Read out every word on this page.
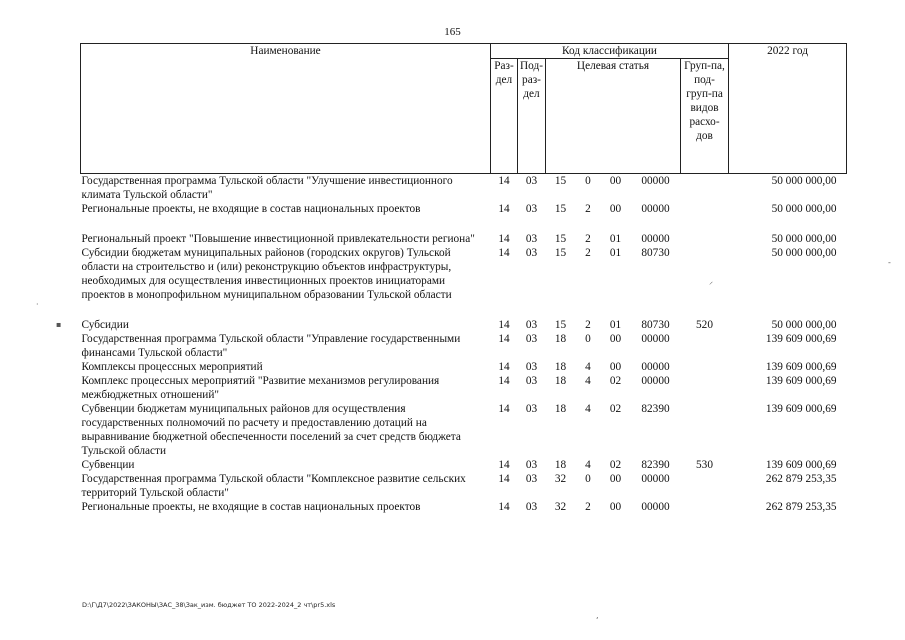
165
Наименование	Код классификации							2022 год
	Раз-дел	Под-раз-дел	Целевая статья				Груп-па, под-груп-па видов расхо-дов	
Государственная программа Тульской области "Улучшение инвестиционного климата Тульской области"	14	03	15	0	00	00000		50 000 000,00
Региональные проекты, не входящие в состав национальных проектов	14	03	15	2	00	00000		50 000 000,00
Региональный проект "Повышение инвестиционной привлекательности региона"	14	03	15	2	01	00000		50 000 000,00
Субсидии бюджетам муниципальных районов (городских округов) Тульской области на строительство и (или) реконструкцию объектов инфраструктуры, необходимых для осуществления инвестиционных проектов инициаторами проектов в монопрофильном муниципальном образовании Тульской области	14	03	15	2	01	80730		50 000 000,00
Субсидии	14	03	15	2	01	80730	520	50 000 000,00
Государственная программа Тульской области "Управление государственными финансами Тульской области"	14	03	18	0	00	00000		139 609 000,69
Комплексы процессных мероприятий	14	03	18	4	00	00000		139 609 000,69
Комплекс процессных мероприятий "Развитие механизмов регулирования межбюджетных отношений"	14	03	18	4	02	00000		139 609 000,69
Субвенции бюджетам муниципальных районов для осуществления государственных полномочий по расчету и предоставлению дотаций на выравнивание бюджетной обеспеченности поселений за счет средств бюджета Тульской области	14	03	18	4	02	82390		139 609 000,69
Субвенции	14	03	18	4	02	82390	530	139 609 000,69
Государственная программа Тульской области "Комплексное развитие сельских территорий Тульской области"	14	03	32	0	00	00000		262 879 253,35
Региональные проекты, не входящие в состав национальных проектов	14	03	32	2	00	00000		262 879 253,35
D:\Г\Д7\2022\ЗАКОНЫ\ЗАС_38\Зак_изм. бюджет ТО 2022-2024_2 чт\pr5.xls
·
▪
⸝
-
,
